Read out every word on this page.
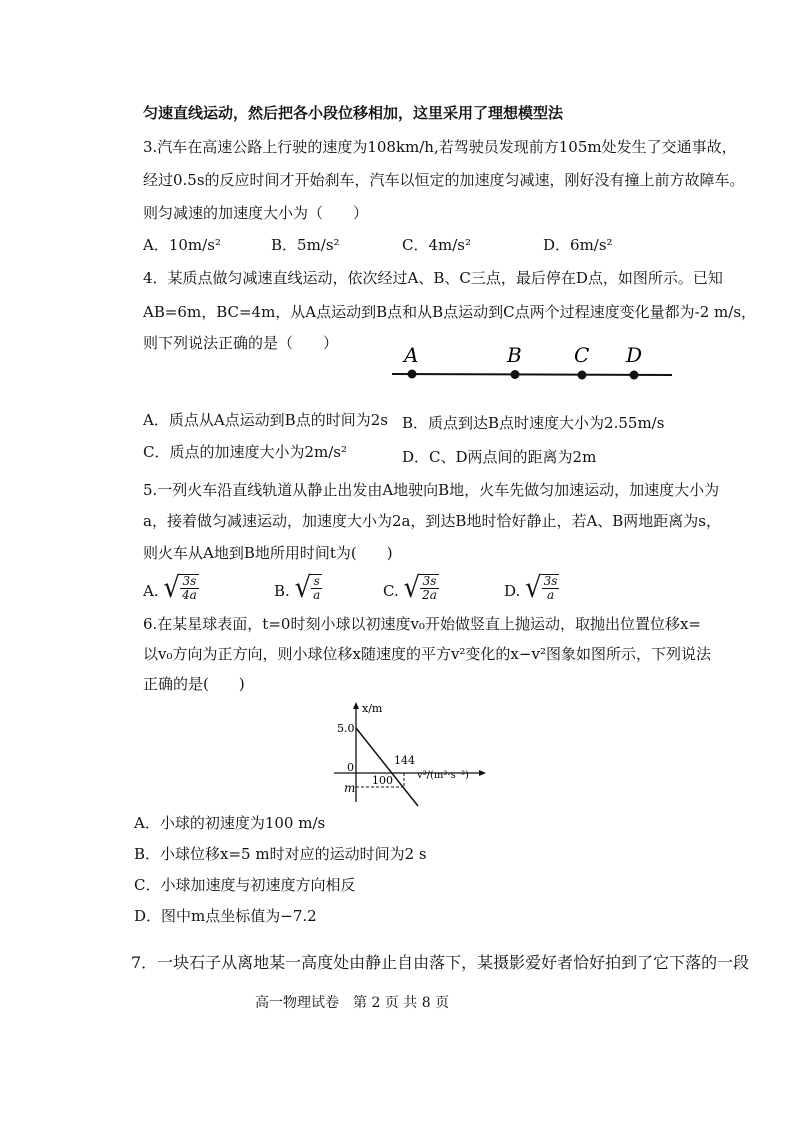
匀速直线运动，然后把各小段位移相加，这里采用了理想模型法
3.汽车在高速公路上行驶的速度为108km/h,若驾驶员发现前方105m处发生了交通事故，
经过0.5s的反应时间才开始刹车，汽车以恒定的加速度匀减速，刚好没有撞上前方故障车。
则匀减速的加速度大小为（　　）
A．10m/s²	B．5m/s²	C．4m/s²	D．6m/s²
4．某质点做匀减速直线运动，依次经过A、B、C三点，最后停在D点，如图所示。已知
AB=6m，BC=4m，从A点运动到B点和从B点运动到C点两个过程速度变化量都为-2 m/s，
则下列说法正确的是（　　）	A	B	C D
A．质点从A点运动到B点的时间为2s B．质点到达B点时速度大小为2.55m/s
C．质点的加速度大小为2m/s²	D．C、D两点间的距离为2m
5.一列火车沿直线轨道从静止出发由A地驶向B地，火车先做匀加速运动，加速度大小为
a，接着做匀减速运动，加速度大小为2a，到达B地时恰好静止，若A、B两地距离为s，
则火车从A地到B地所用时间t为(　　)
A. √ $\frac{3s}{4a}$	B. √ $\frac{s}{a}$	C. √ $\frac{3s}{2a}$	D. √ $\frac{3s}{a}$
6.在某星球表面，t=0时刻小球以初速度v₀开始做竖直上抛运动，取抛出位置位移x=
以v₀方向为正方向，则小球位移x随速度的平方v²变化的x−v²图象如图所示，下列说法
正确的是(　　)
x/m
5.0
0
100
144
v²/(m²·s⁻²)
m
A．小球的初速度为100 m/s
B．小球位移x=5 m时对应的运动时间为2 s
C．小球加速度与初速度方向相反
D．图中m点坐标值为−7.2
7．一块石子从离地某一高度处由静止自由落下，某摄影爱好者恰好拍到了它下落的一段
高一物理试卷　第 2 页 共 8 页
